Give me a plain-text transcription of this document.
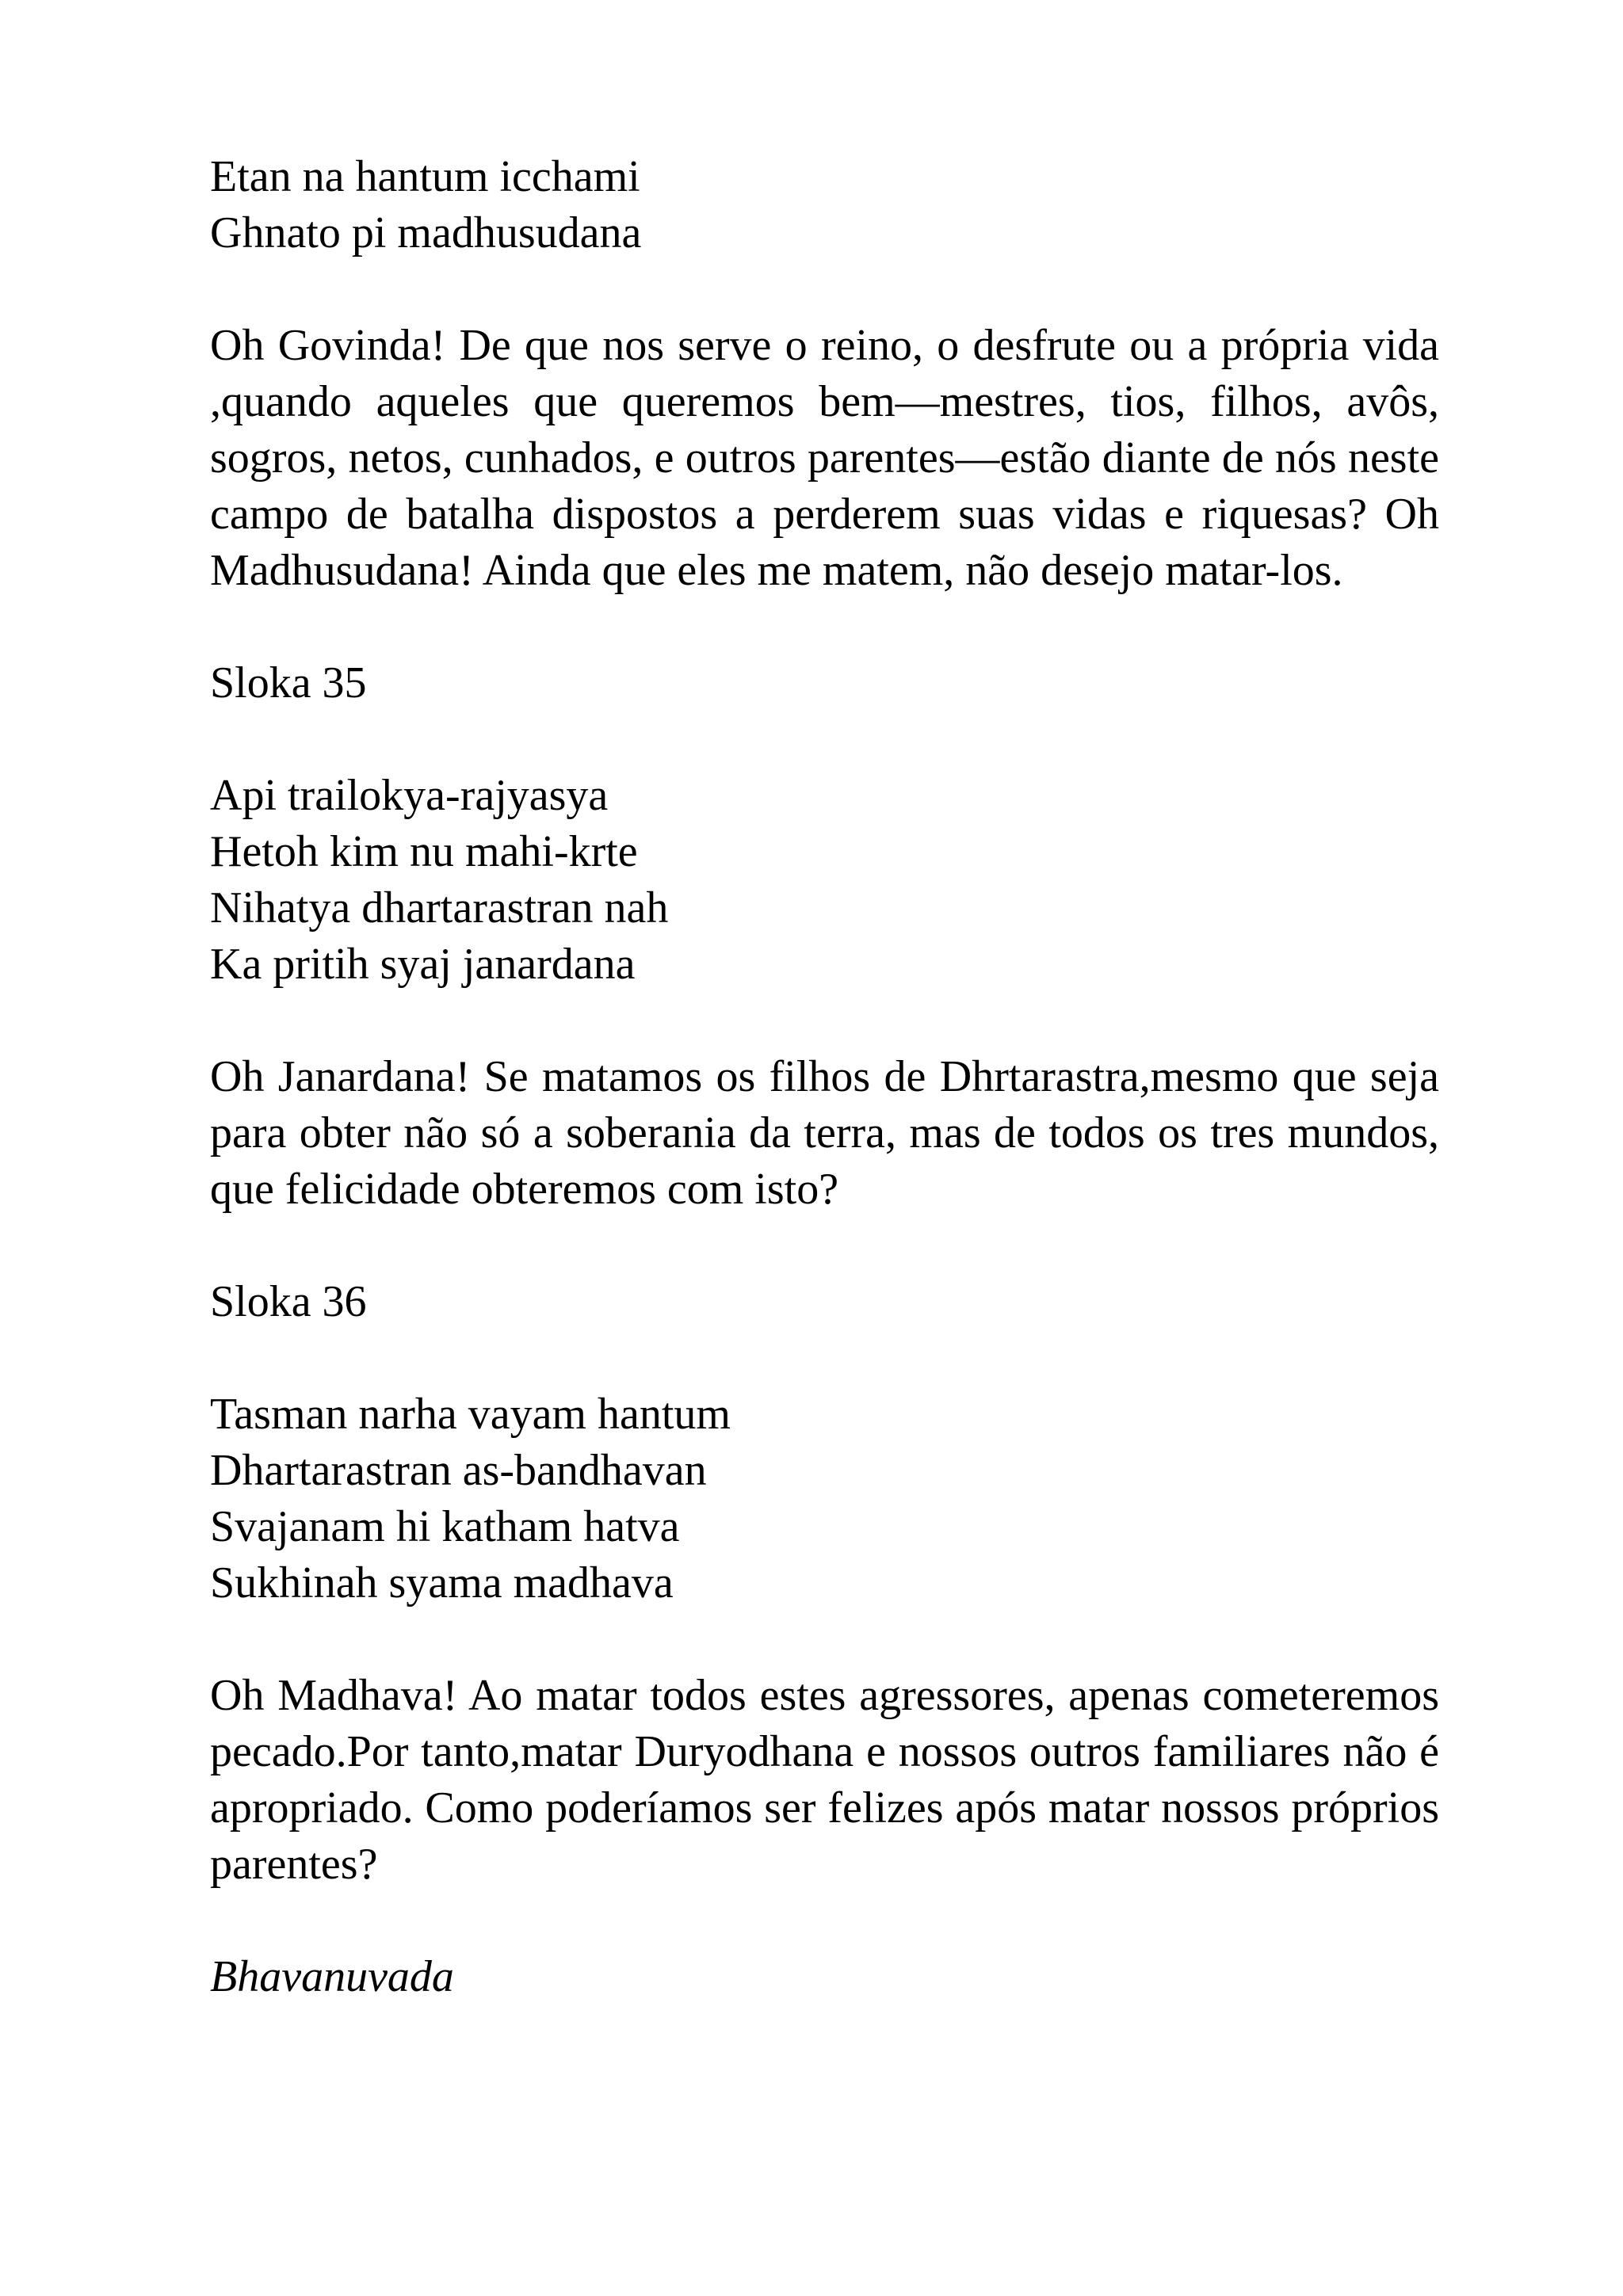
Etan na hantum icchami
Ghnato pi madhusudana

Oh Govinda! De que nos serve o reino, o desfrute ou a própria vida ,quando aqueles que queremos bem—mestres, tios, filhos, avôs, sogros, netos, cunhados, e outros parentes—estão diante de nós neste campo de batalha dispostos a perderem suas vidas e riquesas? Oh Madhusudana! Ainda que eles me matem, não desejo matar-los.

Sloka 35

Api trailokya-rajyasya
Hetoh kim nu mahi-krte
Nihatya dhartarastran nah
Ka pritih syaj janardana

Oh Janardana! Se matamos os filhos de Dhrtarastra,mesmo que seja para obter não só a soberania da terra, mas de todos os tres mundos, que felicidade obteremos com isto?

Sloka 36

Tasman narha vayam hantum
Dhartarastran as-bandhavan
Svajanam hi katham hatva
Sukhinah syama madhava

Oh Madhava! Ao matar todos estes agressores, apenas cometeremos pecado.Por tanto,matar Duryodhana e nossos outros familiares não é apropriado. Como poderíamos ser felizes após matar nossos próprios parentes?

Bhavanuvada
